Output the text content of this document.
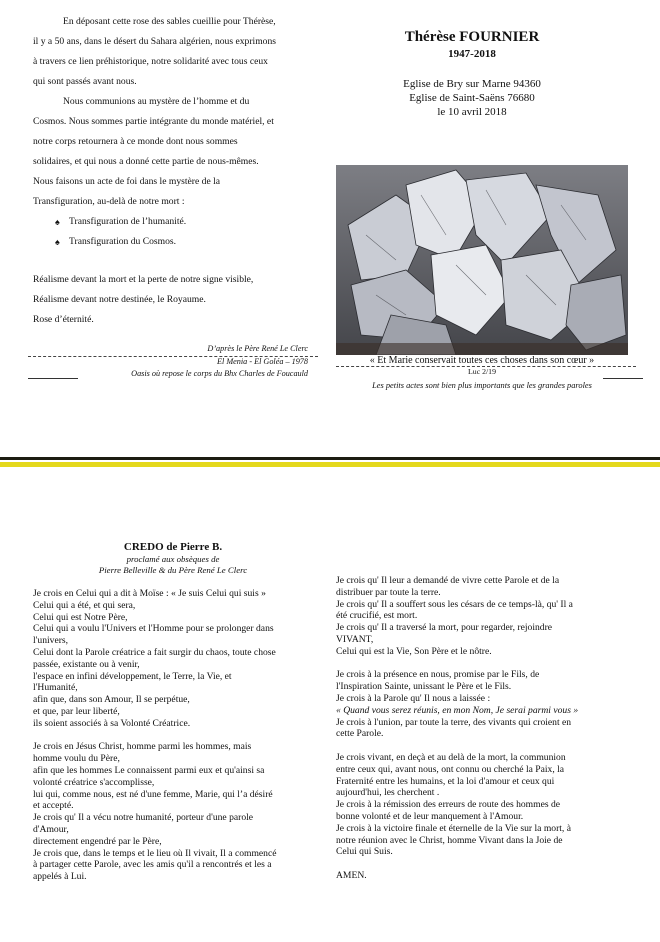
En déposant cette rose des sables cueillie pour Thérèse,

il y a 50 ans, dans le désert du Sahara algérien, nous exprimons

à travers ce lien préhistorique, notre solidarité avec tous ceux

qui sont passés avant nous.

Nous communions au mystère de l’homme et du

Cosmos. Nous sommes partie intégrante du monde matériel, et

notre corps retournera à ce monde dont nous sommes

solidaires, et qui nous a donné cette partie de nous-mêmes.

Nous faisons un acte de foi dans le mystère de la

Transfiguration, au-delà de notre mort :

♠ Transfiguration de l’humanité.
♠ Transfiguration du Cosmos.

Réalisme devant la mort et la perte de notre signe visible,

Réalisme devant notre destinée, le Royaume.

Rose d’éternité.

D’après le Père René Le Clerc

El Menia - El Goléa – 1978

Oasis où repose le corps du Bhx Charles de Foucauld

Thérèse FOURNIER

1947-2018

Eglise de Bry sur Marne 94360

Eglise de Saint-Saëns 76680

le 10 avril 2018

« Et Marie conservait toutes ces choses dans son cœur »
Luc 2/19
Les petits actes sont bien plus importants que les grandes paroles

CREDO de Pierre B.

proclamé aux obsèques de

Pierre Belleville & du Père René Le Clerc

Je crois en Celui qui a dit à Moïse : « Je suis Celui qui suis »

Celui qui a été, et qui sera,

Celui qui est Notre Père,

Celui qui a voulu l'Univers et l'Homme pour se prolonger dans

l'univers,

Celui dont la Parole créatrice a fait surgir du chaos, toute chose

passée, existante ou à venir,

l'espace en infini développement, le Terre, la Vie, et

l'Humanité,

afin que, dans son Amour, Il se perpétue,

et que, par leur liberté,

ils soient associés à sa Volonté Créatrice.

Je crois en Jésus Christ, homme parmi les hommes, mais

homme voulu du Père,

afin que les hommes Le connaissent parmi eux et qu'ainsi sa

volonté créatrice s'accomplisse,

lui qui, comme nous, est né d'une femme, Marie, qui l’a désiré

et accepté.

Je crois qu' Il a vécu notre humanité, porteur d'une parole

d'Amour,

directement engendré par le Père,

Je crois que, dans le temps et le lieu où Il vivait, Il a commencé

à partager cette Parole, avec les amis qu'il a rencontrés et les a

appelés à Lui.

Je crois qu' Il leur a demandé de vivre cette Parole et de la

distribuer par toute la terre.

Je crois qu' Il a souffert sous les césars de ce temps-là, qu' Il a

été crucifié, est mort.

Je crois qu' Il a traversé la mort, pour regarder, rejoindre

VIVANT,

Celui qui est la Vie, Son Père et le nôtre.

Je crois à la présence en nous, promise par le Fils, de

l'Inspiration Sainte, unissant le Père et le Fils.

Je crois à la Parole qu' Il nous a laissée :

« Quand vous serez réunis, en mon Nom, Je serai parmi vous »

Je crois à l'union, par toute la terre, des vivants qui croient en

cette Parole.

Je crois vivant, en deçà et au delà de la mort, la communion

entre ceux qui, avant nous, ont connu ou cherché la Paix, la

Fraternité entre les humains, et la loi d'amour et ceux qui

aujourd'hui, les cherchent .

Je crois à la rémission des erreurs de route des hommes de

bonne volonté et de leur manquement à l'Amour.

Je crois à la victoire finale et éternelle de la Vie sur la mort, à

notre réunion avec le Christ, homme Vivant dans la Joie de

Celui qui Suis.

AMEN.
